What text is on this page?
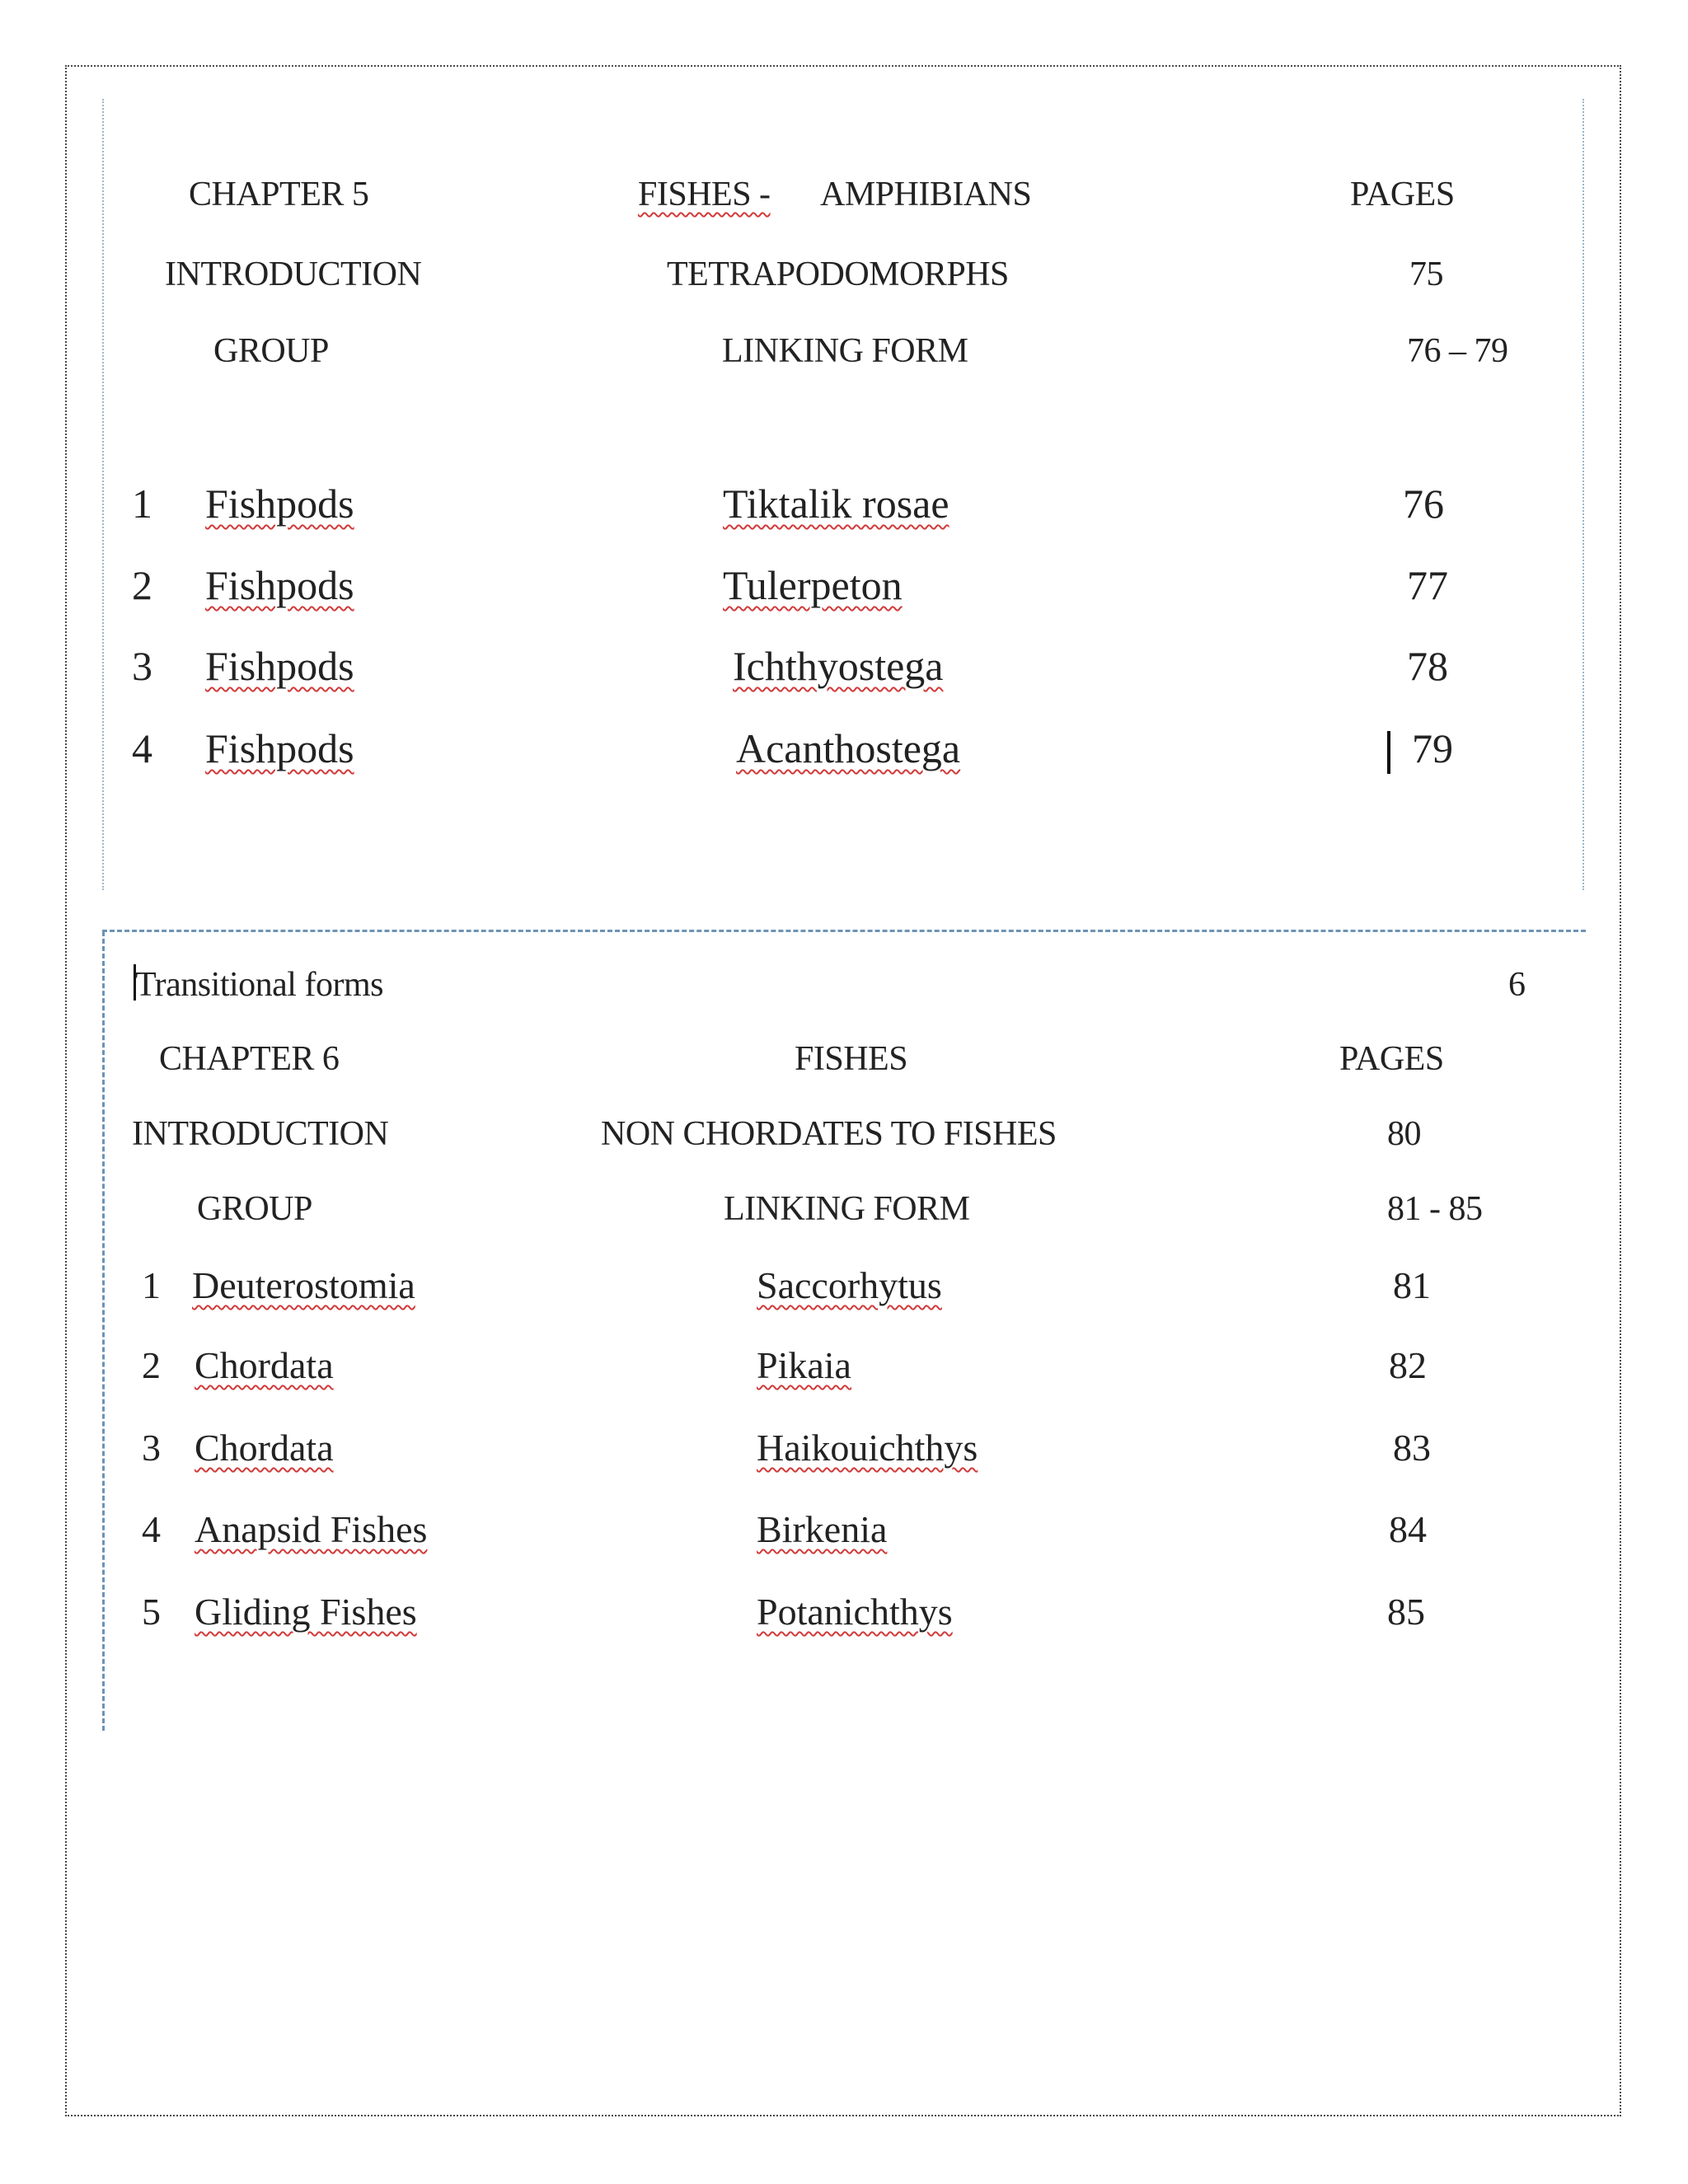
CHAPTER 5	FISHES - AMPHIBIANS	PAGES
INTRODUCTION	TETRAPODOMORPHS	75
GROUP	LINKING FORM	76 – 79
1 Fishpods	Tiktalik rosae	76
2 Fishpods	Tulerpeton	77
3 Fishpods	Ichthyostega	78
4 Fishpods	Acanthostega	79
Transitional forms	6
CHAPTER 6	FISHES	PAGES
INTRODUCTION	NON CHORDATES TO FISHES	80
GROUP	LINKING FORM	81 - 85
1 Deuterostomia	Saccorhytus	81
2 Chordata	Pikaia	82
3 Chordata	Haikouichthys	83
4 Anapsid Fishes	Birkenia	84
5 Gliding Fishes	Potanichthys	85
